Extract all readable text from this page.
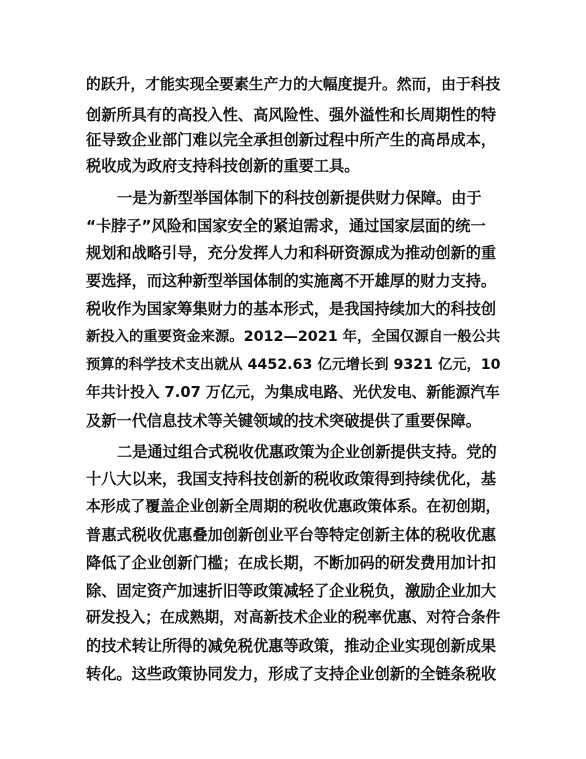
的跃升，才能实现全要素生产力的大幅度提升。然而，由于科技
创新所具有的高投入性、高风险性、强外溢性和长周期性的特
征导致企业部门难以完全承担创新过程中所产生的高昂成本，
税收成为政府支持科技创新的重要工具。
一是为新型举国体制下的科技创新提供财力保障。由于
“卡脖子”风险和国家安全的紧迫需求，通过国家层面的统一
规划和战略引导，充分发挥人力和科研资源成为推动创新的重
要选择，而这种新型举国体制的实施离不开雄厚的财力支持。
税收作为国家筹集财力的基本形式，是我国持续加大的科技创
新投入的重要资金来源。2012—2021 年，全国仅源自一般公共
预算的科学技术支出就从 4452.63 亿元增长到 9321 亿元，10
年共计投入 7.07 万亿元，为集成电路、光伏发电、新能源汽车
及新一代信息技术等关键领域的技术突破提供了重要保障。
二是通过组合式税收优惠政策为企业创新提供支持。党的
十八大以来，我国支持科技创新的税收政策得到持续优化，基
本形成了覆盖企业创新全周期的税收优惠政策体系。在初创期，
普惠式税收优惠叠加创新创业平台等特定创新主体的税收优惠
降低了企业创新门槛；在成长期，不断加码的研发费用加计扣
除、固定资产加速折旧等政策减轻了企业税负，激励企业加大
研发投入；在成熟期，对高新技术企业的税率优惠、对符合条件
的技术转让所得的减免税优惠等政策，推动企业实现创新成果
转化。这些政策协同发力，形成了支持企业创新的全链条税收
